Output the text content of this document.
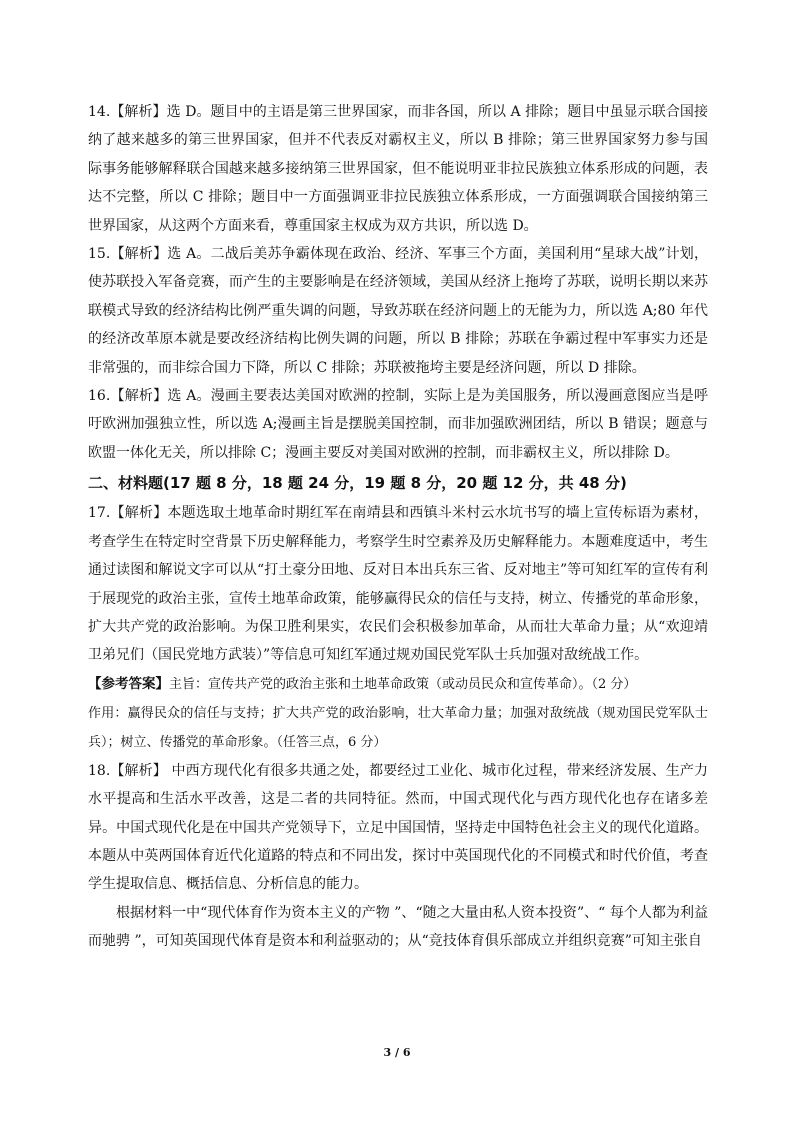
14.【解析】选 D。题目中的主语是第三世界国家，而非各国，所以 A 排除；题目中虽显示联合国接纳了越来越多的第三世界国家，但并不代表反对霸权主义，所以 B 排除；第三世界国家努力参与国际事务能够解释联合国越来越多接纳第三世界国家，但不能说明亚非拉民族独立体系形成的问题，表达不完整，所以 C 排除；题目中一方面强调亚非拉民族独立体系形成，一方面强调联合国接纳第三世界国家，从这两个方面来看，尊重国家主权成为双方共识，所以选 D。

15.【解析】选 A。二战后美苏争霸体现在政治、经济、军事三个方面，美国利用“星球大战”计划，使苏联投入军备竞赛，而产生的主要影响是在经济领域，美国从经济上拖垮了苏联，说明长期以来苏联模式导致的经济结构比例严重失调的问题，导致苏联在经济问题上的无能为力，所以选 A;80 年代的经济改革原本就是要改经济结构比例失调的问题，所以 B 排除；苏联在争霸过程中军事实力还是非常强的，而非综合国力下降，所以 C 排除；苏联被拖垮主要是经济问题，所以 D 排除。

16.【解析】选 A。漫画主要表达美国对欧洲的控制，实际上是为美国服务，所以漫画意图应当是呼吁欧洲加强独立性，所以选 A;漫画主旨是摆脱美国控制，而非加强欧洲团结，所以 B 错误；题意与欧盟一体化无关，所以排除 C；漫画主要反对美国对欧洲的控制，而非霸权主义，所以排除 D。

二、材料题(17 题 8 分，18 题 24 分，19 题 8 分，20 题 12 分，共 48 分)

17.【解析】本题选取土地革命时期红军在南靖县和西镇斗米村云水坑书写的墙上宣传标语为素材，考查学生在特定时空背景下历史解释能力，考察学生时空素养及历史解释能力。本题难度适中，考生通过读图和解说文字可以从“打土豪分田地、反对日本出兵东三省、反对地主”等可知红军的宣传有利于展现党的政治主张，宣传土地革命政策，能够赢得民众的信任与支持，树立、传播党的革命形象，扩大共产党的政治影响。为保卫胜利果实，农民们会积极参加革命，从而壮大革命力量；从“欢迎靖卫弟兄们（国民党地方武装）”等信息可知红军通过规劝国民党军队士兵加强对敌统战工作。

【参考答案】主旨：宣传共产党的政治主张和土地革命政策（或动员民众和宣传革命）。（2 分）

作用：赢得民众的信任与支持；扩大共产党的政治影响，壮大革命力量；加强对敌统战（规劝国民党军队士兵）；树立、传播党的革命形象。（任答三点，6 分）

18.【解析】 中西方现代化有很多共通之处，都要经过工业化、城市化过程，带来经济发展、生产力水平提高和生活水平改善，这是二者的共同特征。然而，中国式现代化与西方现代化也存在诸多差异。中国式现代化是在中国共产党领导下，立足中国国情，坚持走中国特色社会主义的现代化道路。本题从中英两国体育近代化道路的特点和不同出发，探讨中英国现代化的不同模式和时代价值，考查学生提取信息、概括信息、分析信息的能力。

根据材料一中“现代体育作为资本主义的产物 ”、“随之大量由私人资本投资”、“ 每个人都为利益而驰骋 ”，可知英国现代体育是资本和利益驱动的；从“竞技体育俱乐部成立并组织竞赛”可知主张自

3 / 6
